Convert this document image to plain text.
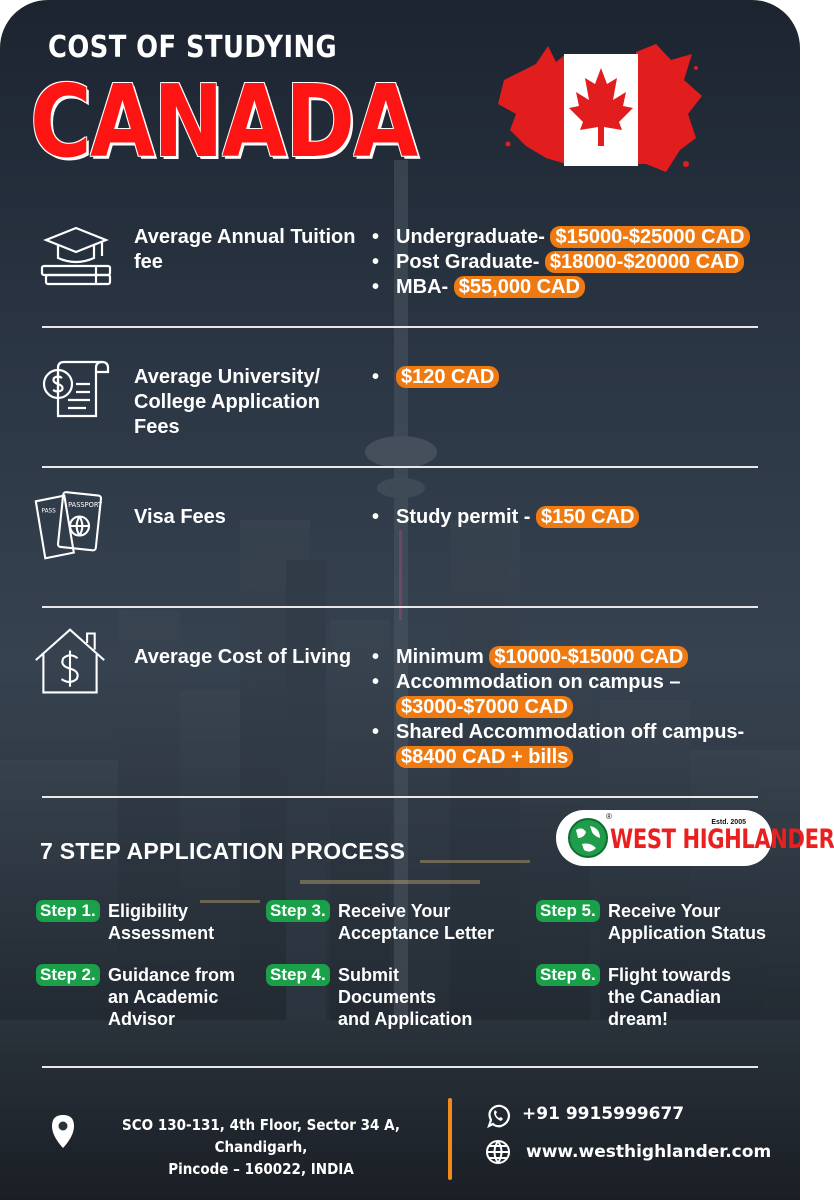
COST OF STUDYING
CANADA
Average Annual Tuition fee
• Undergraduate- $15000-$25000 CAD
• Post Graduate- $18000-$20000 CAD
• MBA- $55,000 CAD
Average University/ College Application Fees
• $120 CAD
PASSPORT
PASS	Visa Fees	• Study permit - $150 CAD
Average Cost of Living	• Minimum $10000-$15000 CAD
• Accommodation on campus –
$3000-$7000 CAD
• Shared Accommodation off campus-
$8400 CAD + bills
7 STEP APPLICATION PROCESS	WEST HIGHLANDER
Estd. 2005
®
Step 1. Eligibility
Assessment
Step 2. Guidance from
an Academic
Advisor
Step 3. Receive Your
Acceptance Letter
Step 4. Submit
Documents
and Application
Step 5. Receive Your
Application Status
Step 6. Flight towards
the Canadian
dream!
SCO 130-131, 4th Floor, Sector 34 A, Chandigarh,
Pincode – 160022, INDIA
+91 9915999677
www.westhighlander.com
